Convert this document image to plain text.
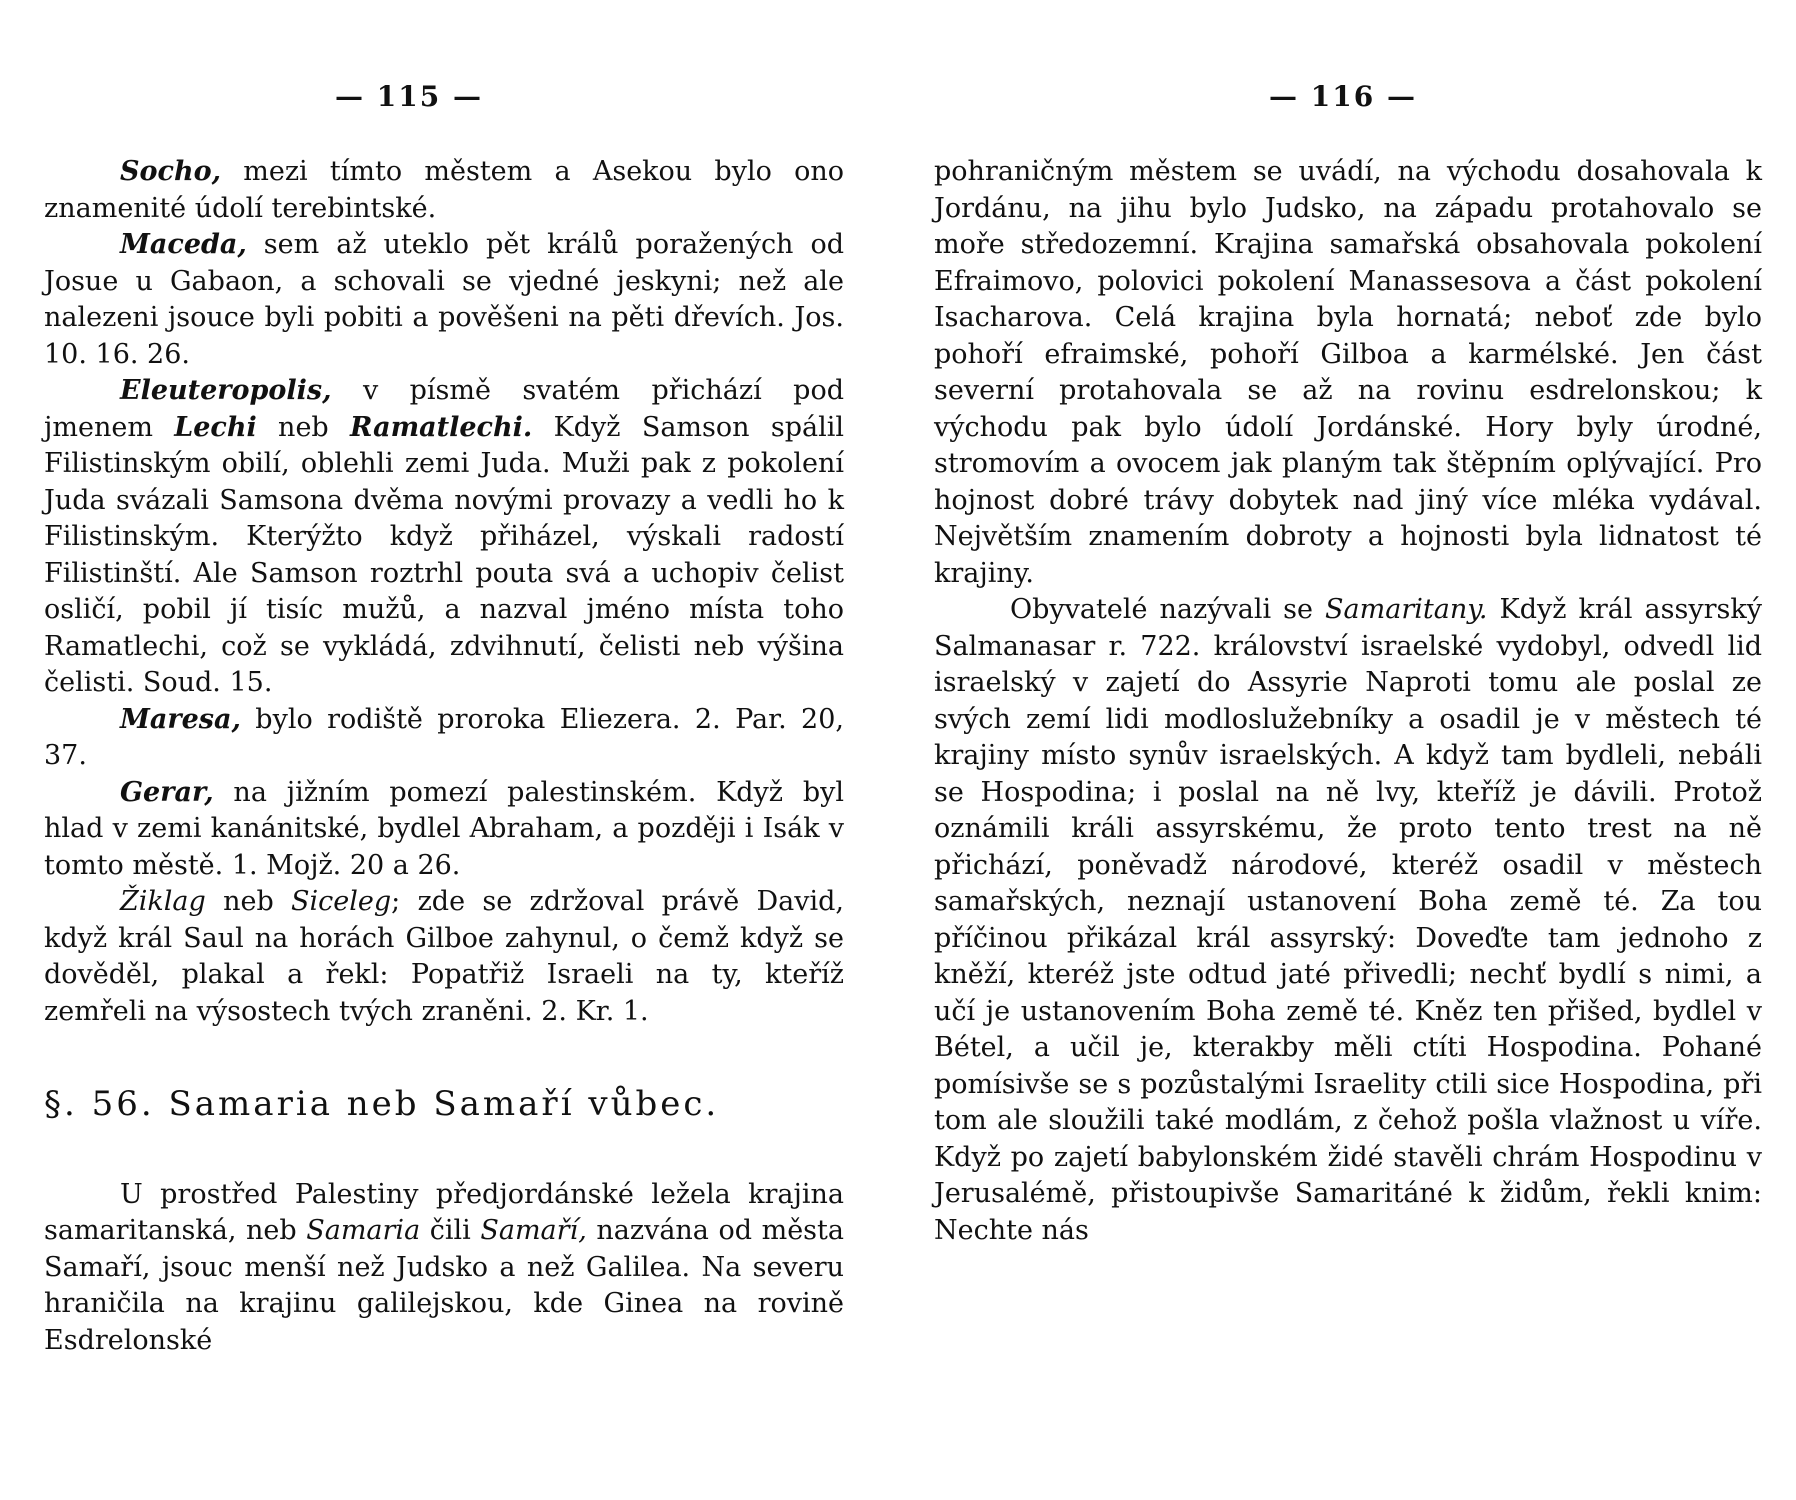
— 115 —

Socho, mezi tímto městem a Asekou bylo ono znamenité údolí terebintské.

Maceda, sem až uteklo pět králů poražených od Josue u Gabaon, a schovali se vjedné jeskyni; než ale nalezeni jsouce byli pobiti a pověšeni na pěti dřevích. Jos. 10. 16. 26.

Eleuteropolis, v písmě svatém přichází pod jmenem Lechi neb Ramatlechi. Když Samson spálil Filistinským obilí, oblehli zemi Juda. Muži pak z pokolení Juda svázali Samsona dvěma novými provazy a vedli ho k Filistinským. Kterýžto když přiházel, výskali radostí Filistinští. Ale Samson roztrhl pouta svá a uchopiv čelist osličí, pobil jí tisíc mužů, a nazval jméno místa toho Ramatlechi, což se vykládá, zdvihnutí, čelisti neb výšina čelisti. Soud. 15.

Maresa, bylo rodiště proroka Eliezera. 2. Par. 20, 37.

Gerar, na jižním pomezí palestinském. Když byl hlad v zemi kanánitské, bydlel Abraham, a později i Isák v tomto městě. 1. Mojž. 20 a 26.

Žiklag neb Siceleg; zde se zdržoval právě David, když král Saul na horách Gilboe zahynul, o čemž když se dověděl, plakal a řekl: Popatřiž Israeli na ty, kteříž zemřeli na výsostech tvých zraněni. 2. Kr. 1.

§. 56. Samaria neb Samaří vůbec.

U prostřed Palestiny předjordánské ležela krajina samaritanská, neb Samaria čili Samaří, nazvána od města Samaří, jsouc menší než Judsko a než Galilea. Na severu hraničila na krajinu galilejskou, kde Ginea na rovině Esdrelonské

— 116 —

pohraničným městem se uvádí, na východu dosahovala k Jordánu, na jihu bylo Judsko, na západu protahovalo se moře středozemní. Krajina samařská obsahovala pokolení Efraimovo, polovici pokolení Manassesova a část pokolení Isacharova. Celá krajina byla hornatá; neboť zde bylo pohoří efraimské, pohoří Gilboa a karmélské. Jen část severní protahovala se až na rovinu esdrelonskou; k východu pak bylo údolí Jordánské. Hory byly úrodné, stromovím a ovocem jak planým tak štěpním oplývající. Pro hojnost dobré trávy dobytek nad jiný více mléka vydával. Největším znamením dobroty a hojnosti byla lidnatost té krajiny.

Obyvatelé nazývali se Samaritany. Když král assyrský Salmanasar r. 722. království israelské vydobyl, odvedl lid israelský v zajetí do Assyrie Naproti tomu ale poslal ze svých zemí lidi modloslužebníky a osadil je v městech té krajiny místo synův israelských. A když tam bydleli, nebáli se Hospodina; i poslal na ně lvy, kteříž je dávili. Protož oznámili králi assyrskému, že proto tento trest na ně přichází, poněvadž národové, kteréž osadil v městech samařských, neznají ustanovení Boha země té. Za tou příčinou přikázal král assyrský: Doveďte tam jednoho z kněží, kteréž jste odtud jaté přivedli; nechť bydlí s nimi, a učí je ustanovením Boha země té. Kněz ten přišed, bydlel v Bétel, a učil je, kterakby měli ctíti Hospodina. Pohané pomísivše se s pozůstalými Israelity ctili sice Hospodina, při tom ale sloužili také modlám, z čehož pošla vlažnost u víře. Když po zajetí babylonském židé stavěli chrám Hospodinu v Jerusalémě, přistoupivše Samaritáné k židům, řekli knim: Nechte nás
